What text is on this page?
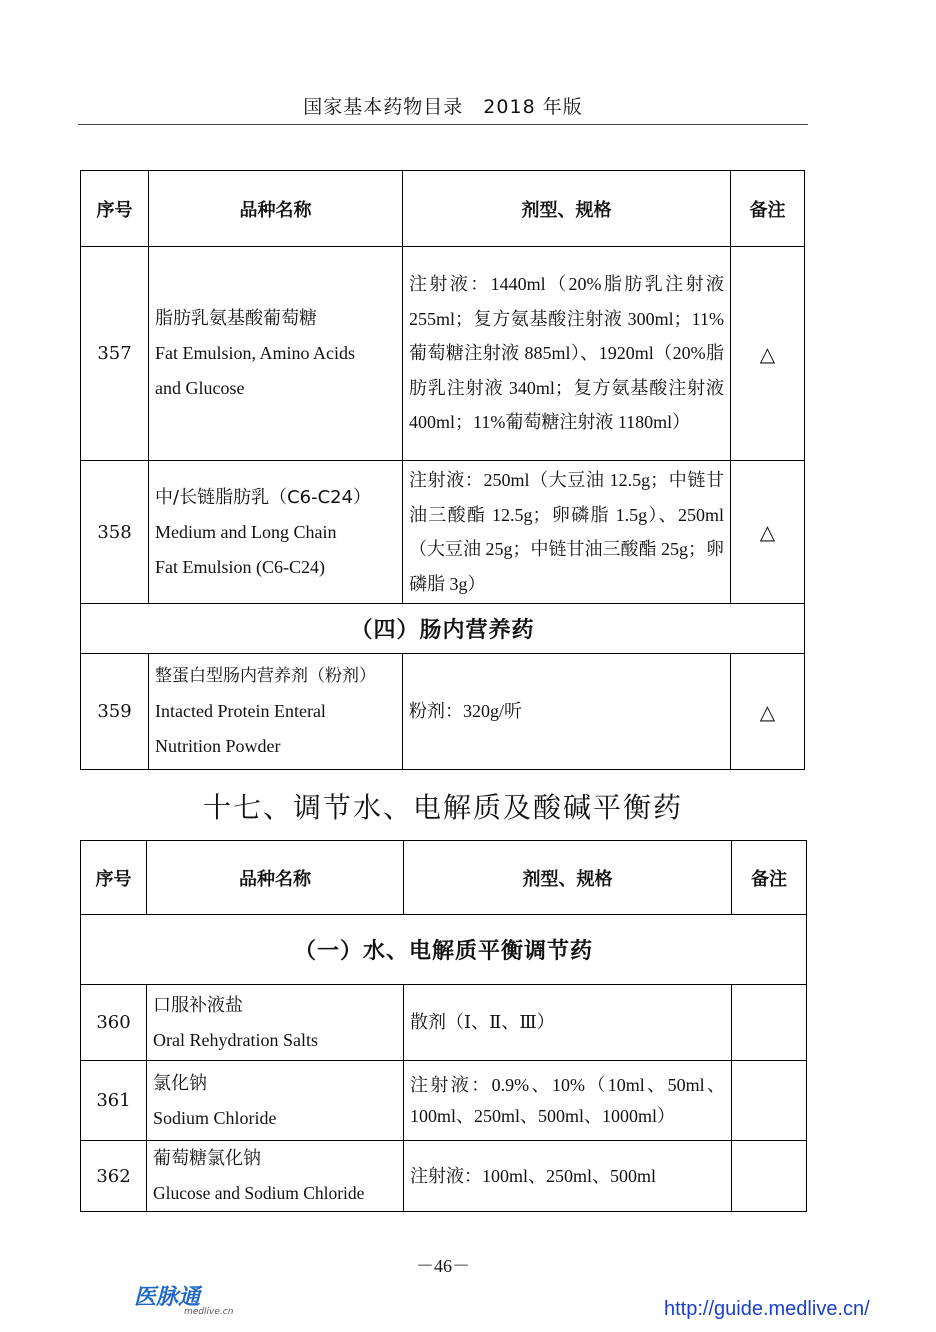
国家基本药物目录　2018 年版
序号	品种名称	剂型、规格	备注
357	脂肪乳氨基酸葡萄糖
Fat Emulsion, Amino Acids
and Glucose	注射液：1440ml（20%脂肪乳注射液 255ml；复方氨基酸注射液 300ml；11%葡萄糖注射液 885ml）、1920ml（20%脂肪乳注射液 340ml；复方氨基酸注射液 400ml；11%葡萄糖注射液 1180ml）	△
358	中/长链脂肪乳（C6-C24）
Medium and Long Chain
Fat Emulsion (C6-C24)	注射液：250ml（大豆油 12.5g；中链甘油三酸酯 12.5g；卵磷脂 1.5g）、250ml（大豆油 25g；中链甘油三酸酯 25g；卵磷脂 3g）	△
（四）肠内营养药			
359	整蛋白型肠内营养剂（粉剂）
Intacted Protein Enteral
Nutrition Powder	粉剂：320g/听	△
十七、调节水、电解质及酸碱平衡药
序号	品种名称	剂型、规格	备注
（一）水、电解质平衡调节药			
360	口服补液盐
Oral Rehydration Salts	散剂（Ⅰ、Ⅱ、Ⅲ）	
361	氯化钠
Sodium Chloride	注射液：0.9%、10%（10ml、50ml、100ml、250ml、500ml、1000ml）	
362	葡萄糖氯化钠
Glucose and Sodium Chloride	注射液：100ml、250ml、500ml	
－46－
医脉通
medlive.cn	http://guide.medlive.cn/
